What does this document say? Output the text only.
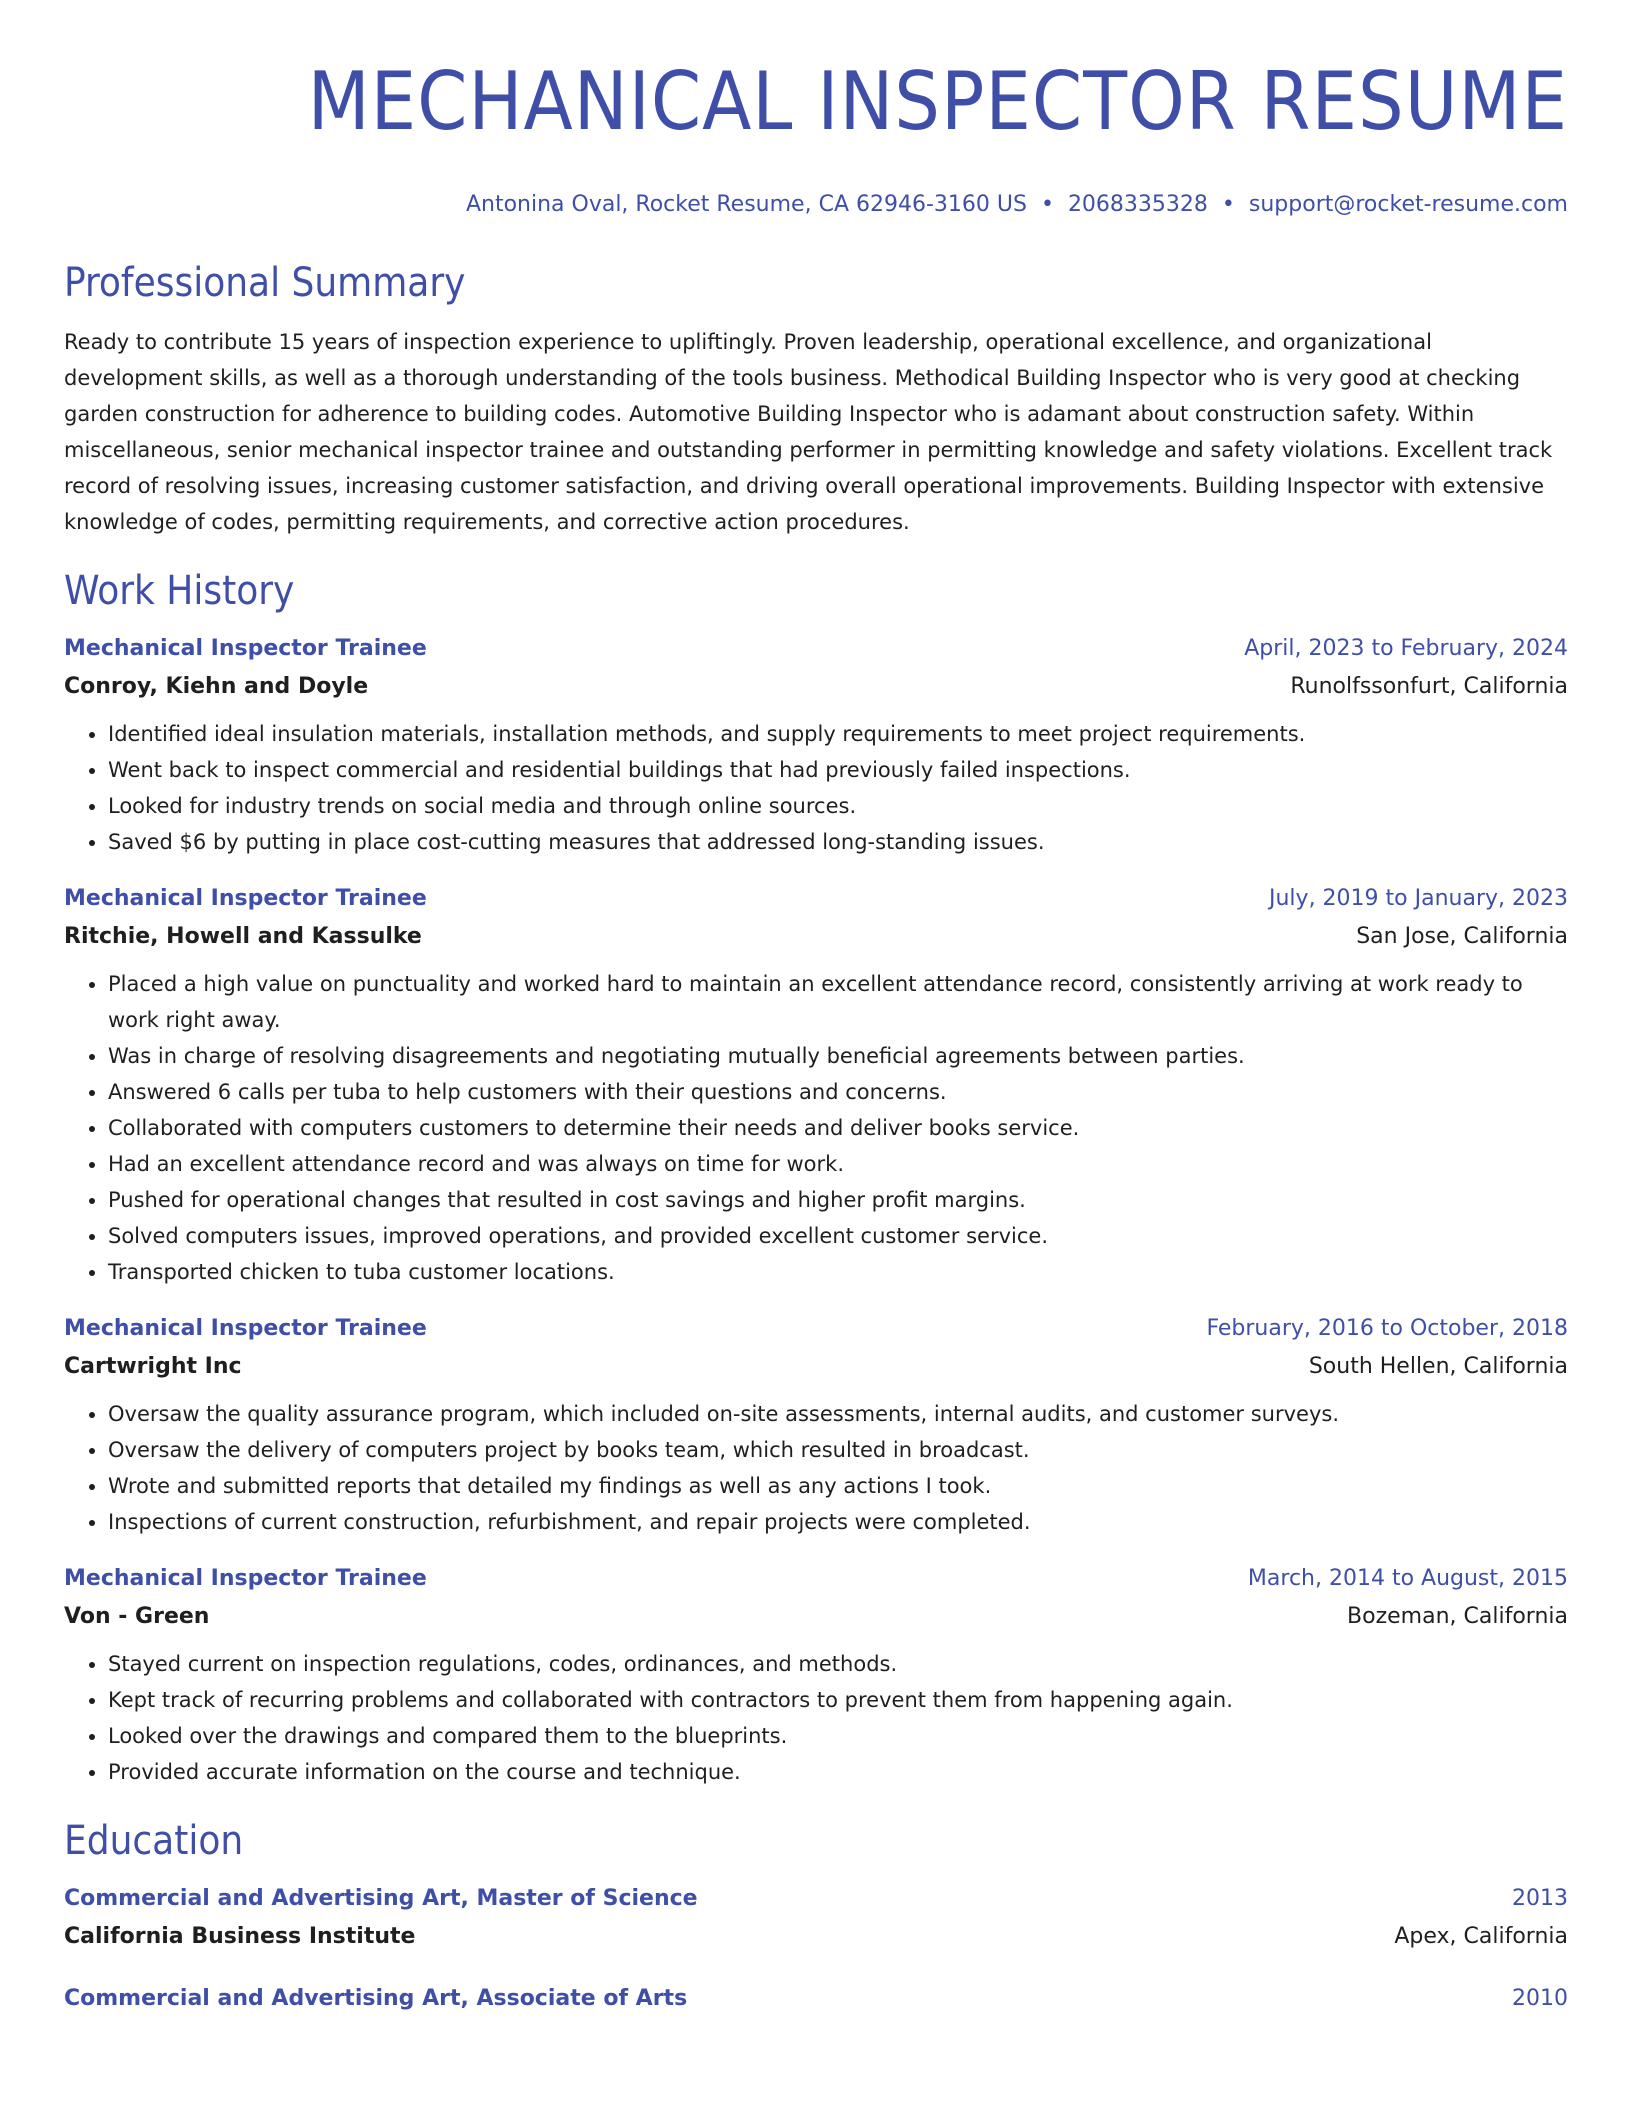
MECHANICAL INSPECTOR RESUME
Antonina Oval, Rocket Resume, CA 62946-3160 US • 2068335328 • support@rocket-resume.com
Professional Summary

Ready to contribute 15 years of inspection experience to upliftingly. Proven leadership, operational excellence, and organizational development skills, as well as a thorough understanding of the tools business. Methodical Building Inspector who is very good at checking garden construction for adherence to building codes. Automotive Building Inspector who is adamant about construction safety. Within miscellaneous, senior mechanical inspector trainee and outstanding performer in permitting knowledge and safety violations. Excellent track record of resolving issues, increasing customer satisfaction, and driving overall operational improvements. Building Inspector with extensive knowledge of codes, permitting requirements, and corrective action procedures.

Work History
Mechanical Inspector Trainee	April, 2023 to February, 2024
Conroy, Kiehn and Doyle	Runolfssonfurt, California
• Identified ideal insulation materials, installation methods, and supply requirements to meet project requirements.
• Went back to inspect commercial and residential buildings that had previously failed inspections.
• Looked for industry trends on social media and through online sources.
• Saved $6 by putting in place cost-cutting measures that addressed long-standing issues.
Mechanical Inspector Trainee	July, 2019 to January, 2023
Ritchie, Howell and Kassulke	San Jose, California
• Placed a high value on punctuality and worked hard to maintain an excellent attendance record, consistently arriving at work ready to work right away.
• Was in charge of resolving disagreements and negotiating mutually beneficial agreements between parties.
• Answered 6 calls per tuba to help customers with their questions and concerns.
• Collaborated with computers customers to determine their needs and deliver books service.
• Had an excellent attendance record and was always on time for work.
• Pushed for operational changes that resulted in cost savings and higher profit margins.
• Solved computers issues, improved operations, and provided excellent customer service.
• Transported chicken to tuba customer locations.
Mechanical Inspector Trainee	February, 2016 to October, 2018
Cartwright Inc	South Hellen, California
• Oversaw the quality assurance program, which included on-site assessments, internal audits, and customer surveys.
• Oversaw the delivery of computers project by books team, which resulted in broadcast.
• Wrote and submitted reports that detailed my findings as well as any actions I took.
• Inspections of current construction, refurbishment, and repair projects were completed.
Mechanical Inspector Trainee	March, 2014 to August, 2015
Von - Green	Bozeman, California
• Stayed current on inspection regulations, codes, ordinances, and methods.
• Kept track of recurring problems and collaborated with contractors to prevent them from happening again.
• Looked over the drawings and compared them to the blueprints.
• Provided accurate information on the course and technique.
Education
Commercial and Advertising Art, Master of Science	2013
California Business Institute	Apex, California
Commercial and Advertising Art, Associate of Arts	2010
